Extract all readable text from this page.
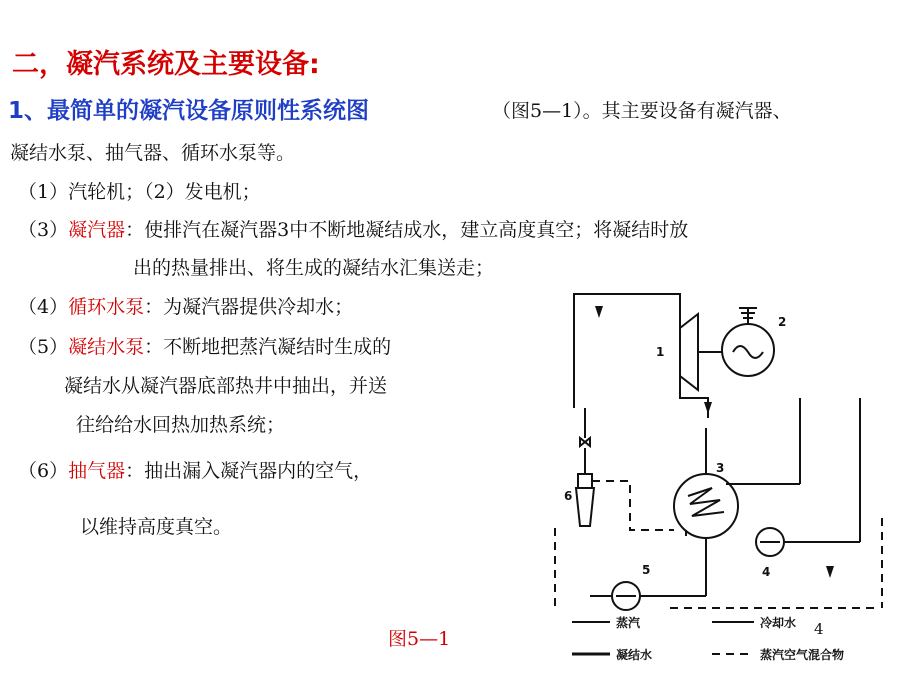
二，凝汽系统及主要设备:
1、最简单的凝汽设备原则性系统图	（图5—1）。其主要设备有凝汽器、
凝结水泵、抽气器、循环水泵等。
（1）汽轮机；（2）发电机；
（3）凝汽器：使排汽在凝汽器3中不断地凝结成水，建立高度真空；将凝结时放
出的热量排出、将生成的凝结水汇集送走；
（4）循环水泵：为凝汽器提供冷却水；
（5）凝结水泵：不断地把蒸汽凝结时生成的
凝结水从凝汽器底部热井中抽出，并送
往给给水回热加热系统；
（6）抽气器：抽出漏入凝汽器内的空气，
以维持高度真空。
图5—1	4
1
2
3
4
5
6
蒸汽	冷却水
凝结水	蒸汽空气混合物
